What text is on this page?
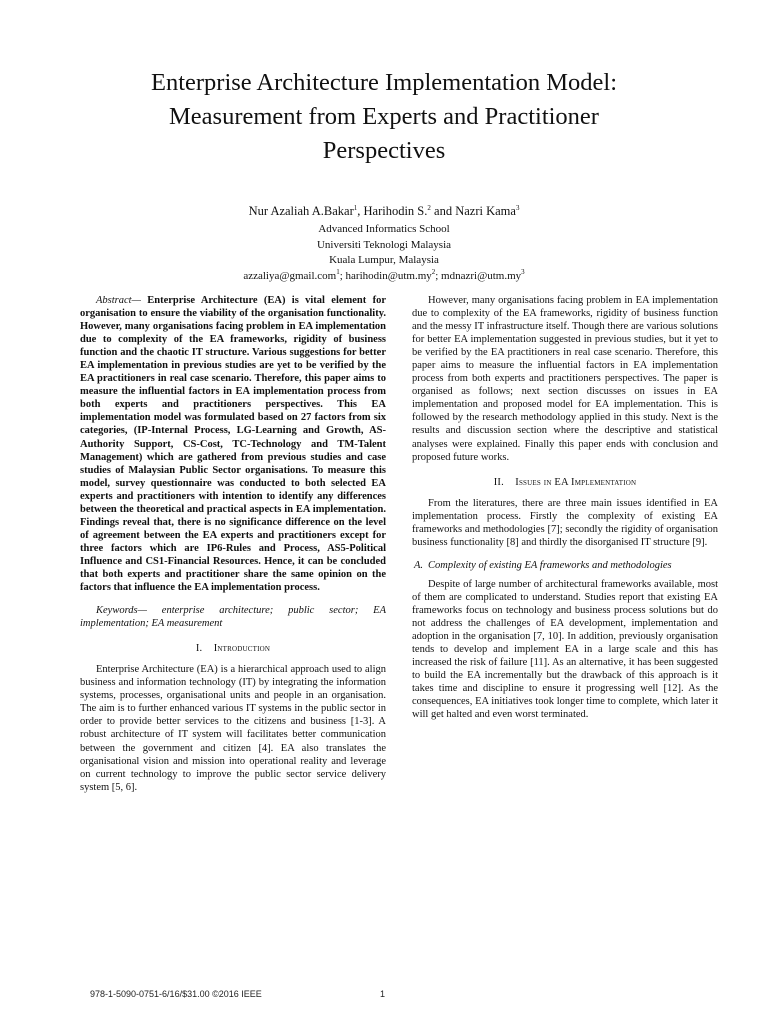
Enterprise Architecture Implementation Model:
Measurement from Experts and Practitioner
Perspectives
Nur Azaliah A.Bakar$^1$, Harihodin S.$^2$ and Nazri Kama$^3$
Advanced Informatics School
Universiti Teknologi Malaysia
Kuala Lumpur, Malaysia
azzaliya@gmail.com$^1$; $harihodin@utm.my^2$; $mdnazri@utm.my^3$

Abstract— Enterprise Architecture (EA) is vital element for organisation to ensure the viability of the organisation functionality. However, many organisations facing problem in EA implementation due to complexity of the EA frameworks, rigidity of business function and the chaotic IT structure. Various suggestions for better EA implementation in previous studies are yet to be verified by the EA practitioners in real case scenario. Therefore, this paper aims to measure the influential factors in EA implementation process from both experts and practitioners perspectives. This EA implementation model was formulated based on 27 factors from six categories, (IP-Internal Process, LG-Learning and Growth, AS-Authority Support, CS-Cost, TC-Technology and TM-Talent Management) which are gathered from previous studies and case studies of Malaysian Public Sector organisations. To measure this model, survey questionnaire was conducted to both selected EA experts and practitioners with intention to identify any differences between the theoretical and practical aspects in EA implementation. Findings reveal that, there is no significance difference on the level of agreement between the EA experts and practitioners except for three factors which are IP6-Rules and Process, AS5-Political Influence and CS1-Financial Resources. Hence, it can be concluded that both experts and practitioner share the same opinion on the factors that influence the EA implementation process.

Keywords— enterprise architecture; public sector; EA implementation; EA measurement

I. Introduction

Enterprise Architecture (EA) is a hierarchical approach used to align business and information technology (IT) by integrating the information systems, processes, organisational units and people in an organisation. The aim is to further enhanced various IT systems in the public sector in order to provide better services to the citizens and business [1-3]. A robust architecture of IT system will facilitates better communication between the government and citizen [4]. EA also translates the organisational vision and mission into operational reality and leverage on current technology to improve the public sector service delivery system [5, 6].

However, many organisations facing problem in EA implementation due to complexity of the EA frameworks, rigidity of business function and the messy IT infrastructure itself. Though there are various solutions for better EA implementation suggested in previous studies, but it yet to be verified by the EA practitioners in real case scenario. Therefore, this paper aims to measure the influential factors in EA implementation process from both experts and practitioners perspectives. The paper is organised as follows; next section discusses on issues in EA implementation and proposed model for EA implementation. This is followed by the research methodology applied in this study. Next is the results and discussion section where the descriptive and statistical analyses were explained. Finally this paper ends with conclusion and proposed future works.

II. Issues in EA Implementation

From the literatures, there are three main issues identified in EA implementation process. Firstly the complexity of existing EA frameworks and methodologies [7]; secondly the rigidity of organisation business functionality [8] and thirdly the disorganised IT structure [9].

A. Complexity of existing EA frameworks and methodologies

Despite of large number of architectural frameworks available, most of them are complicated to understand. Studies report that existing EA frameworks focus on technology and business process solutions but do not address the challenges of EA development, implementation and adoption in the organisation [7, 10]. In addition, previously organisation tends to develop and implement EA in a large scale and this has increased the risk of failure [11]. As an alternative, it has been suggested to build the EA incrementally but the drawback of this approach is it takes time and discipline to ensure it progressing well [12]. As the consequences, EA initiatives took longer time to complete, which later it will get halted and even worst terminated.

978-1-5090-0751-6/16/$31.00 ©2016 IEEE	1
